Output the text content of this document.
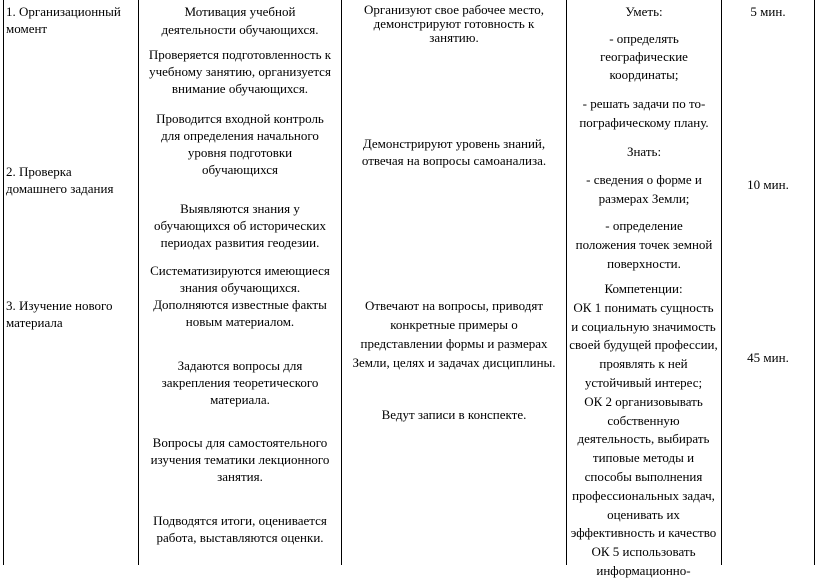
1. Организационный
момент
2. Проверка
домашнего задания
3. Изучение нового
материала
Мотивация учебной
деятельности обучающихся.
Проверяется подготовленность к
учебному занятию, организуется
внимание обучающихся.
Проводится входной контроль
для определения начального
уровня подготовки
обучающихся
Выявляются знания у
обучающихся об исторических
периодах развития геодезии.
Систематизируются имеющиеся
знания обучающихся.
Дополняются известные факты
новым материалом.
Задаются вопросы для
закрепления теоретического
материала.
Вопросы для самостоятельного
изучения тематики лекционного
занятия.
Подводятся итоги, оценивается
работа, выставляются оценки.
Организуют свое рабочее место,
демонстрируют готовность к
занятию.
Демонстрируют уровень знаний,
отвечая на вопросы самоанализа.
Отвечают на вопросы, приводят
конкретные примеры о
представлении формы и размерах
Земли, целях и задачах дисциплины.
Ведут записи в конспекте.
Уметь:
- определять
географические
координаты;
- решать задачи по то-
пографическому плану.
Знать:
- сведения о форме и
размерах Земли;
- определение
положения точек земной
поверхности.
Компетенции:
ОК 1 понимать сущность
и социальную значимость
своей будущей профессии,
проявлять к ней
устойчивый интерес;
ОК 2 организовывать
собственную
деятельность, выбирать
типовые методы и
способы выполнения
профессиональных задач,
оценивать их
эффективность и качество
ОК 5 использовать
информационно-
5 мин.
10 мин.
45 мин.
